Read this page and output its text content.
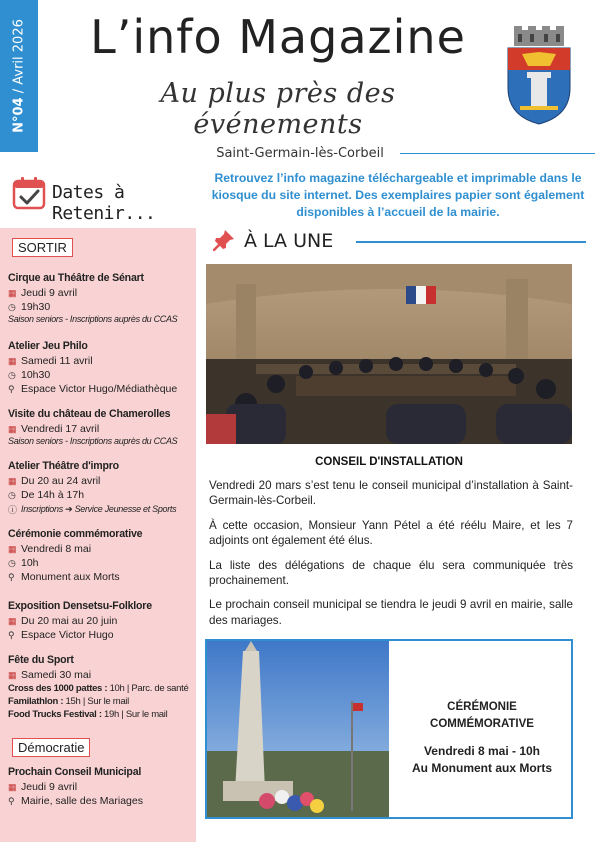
N°04 / Avril 2026	L’info Magazine
Au plus près des événements
Saint-Germain-lès-Corbeil
Dates à Retenir...
Retrouvez l’info magazine téléchargeable et imprimable dans le kiosque du site internet. Des exemplaires papier sont également disponibles à l’accueil de la mairie.
SORTIR
Cirque au Théâtre de Sénart
▦ Jeudi 9 avril
◷ 19h30
Saison seniors - Inscriptions auprès du CCAS
Atelier Jeu Philo
▦ Samedi 11 avril
◷ 10h30
⚲ Espace Victor Hugo/Médiathèque
Visite du château de Chamerolles
▦ Vendredi 17 avril
Saison seniors - Inscriptions auprès du CCAS
Atelier Théâtre d'impro
▦ Du 20 au 24 avril
◷ De 14h à 17h
ⓘ Inscriptions ➔ Service Jeunesse et Sports
Cérémonie commémorative
▦ Vendredi 8 mai
◷ 10h
⚲ Monument aux Morts
Exposition Densetsu-Folklore
▦ Du 20 mai au 20 juin
⚲ Espace Victor Hugo
Fête du Sport
▦ Samedi 30 mai
Cross des 1000 pattes : 10h | Parc. de santé
Familathlon : 15h | Sur le mail
Food Trucks Festival : 19h | Sur le mail
Démocratie
Prochain Conseil Municipal
▦ Jeudi 9 avril
⚲ Mairie, salle des Mariages
À LA UNE
CONSEIL D'INSTALLATION

Vendredi 20 mars s’est tenu le conseil municipal d’installation à Saint-Germain-lès-Corbeil.

À cette occasion, Monsieur Yann Pétel a été réélu Maire, et les 7 adjoints ont également été élus.

La liste des délégations de chaque élu sera communiquée très prochainement.

Le prochain conseil municipal se tiendra le jeudi 9 avril en mairie, salle des mariages.

CÉRÉMONIE
COMMÉMORATIVE
Vendredi 8 mai - 10h
Au Monument aux Morts
